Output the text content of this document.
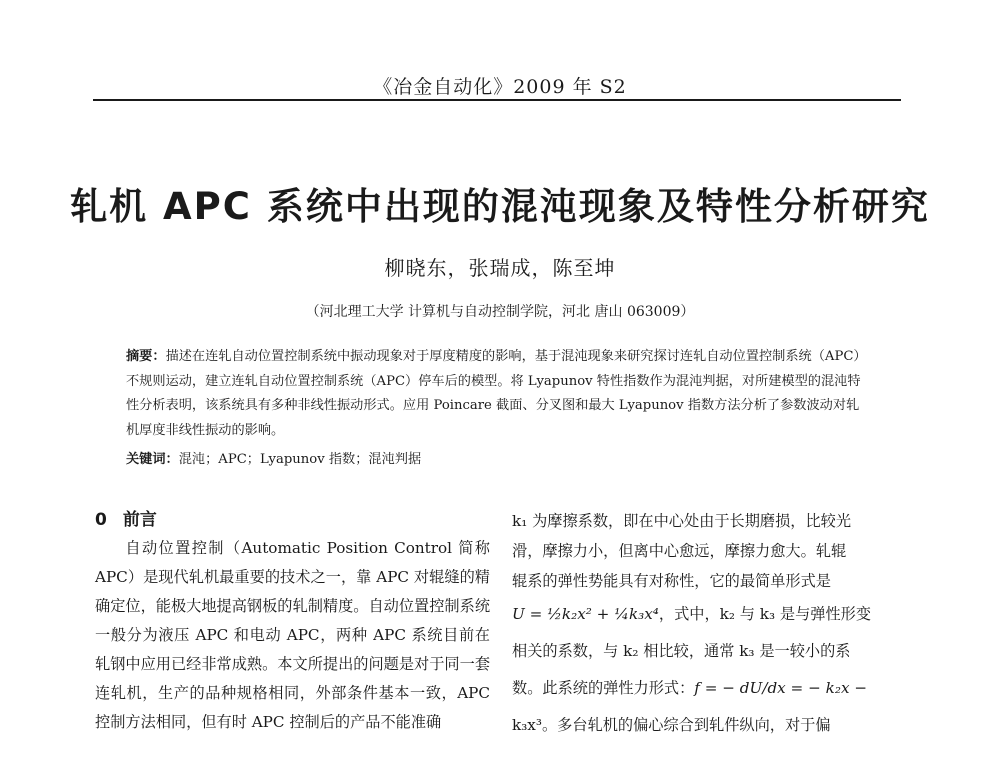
《冶金自动化》2009 年 S2
轧机 APC 系统中出现的混沌现象及特性分析研究
柳晓东，张瑞成，陈至坤
（河北理工大学 计算机与自动控制学院，河北 唐山 063009）
摘要：描述在连轧自动位置控制系统中振动现象对于厚度精度的影响，基于混沌现象来研究探讨连轧自动位置控制系统（APC）不规则运动，建立连轧自动位置控制系统（APC）停车后的模型。将 Lyapunov 特性指数作为混沌判据，对所建模型的混沌特性分析表明，该系统具有多种非线性振动形式。应用 Poincare 截面、分叉图和最大 Lyapunov 指数方法分析了参数波动对轧机厚度非线性振动的影响。
关键词：混沌；APC；Lyapunov 指数；混沌判据
0 前言

自动位置控制（Automatic Position Control 简称 APC）是现代轧机最重要的技术之一，靠 APC 对辊缝的精确定位，能极大地提高钢板的轧制精度。自动位置控制系统一般分为液压 APC 和电动 APC，两种 APC 系统目前在轧钢中应用已经非常成熟。本文所提出的问题是对于同一套连轧机，生产的品种规格相同，外部条件基本一致，APC 控制方法相同，但有时 APC 控制后的产品不能准确

k₁ 为摩擦系数，即在中心处由于长期磨损，比较光
滑，摩擦力小，但离中心愈远，摩擦力愈大。轧辊
辊系的弹性势能具有对称性，它的最简单形式是
U = ½k₂x² + ¼k₃x⁴，式中，k₂ 与 k₃ 是与弹性形变
相关的系数，与 k₂ 相比较，通常 k₃ 是一较小的系
数。此系统的弹性力形式：f = − dU/dx = − k₂x −
k₃x³。多台轧机的偏心综合到轧件纵向，对于偏
